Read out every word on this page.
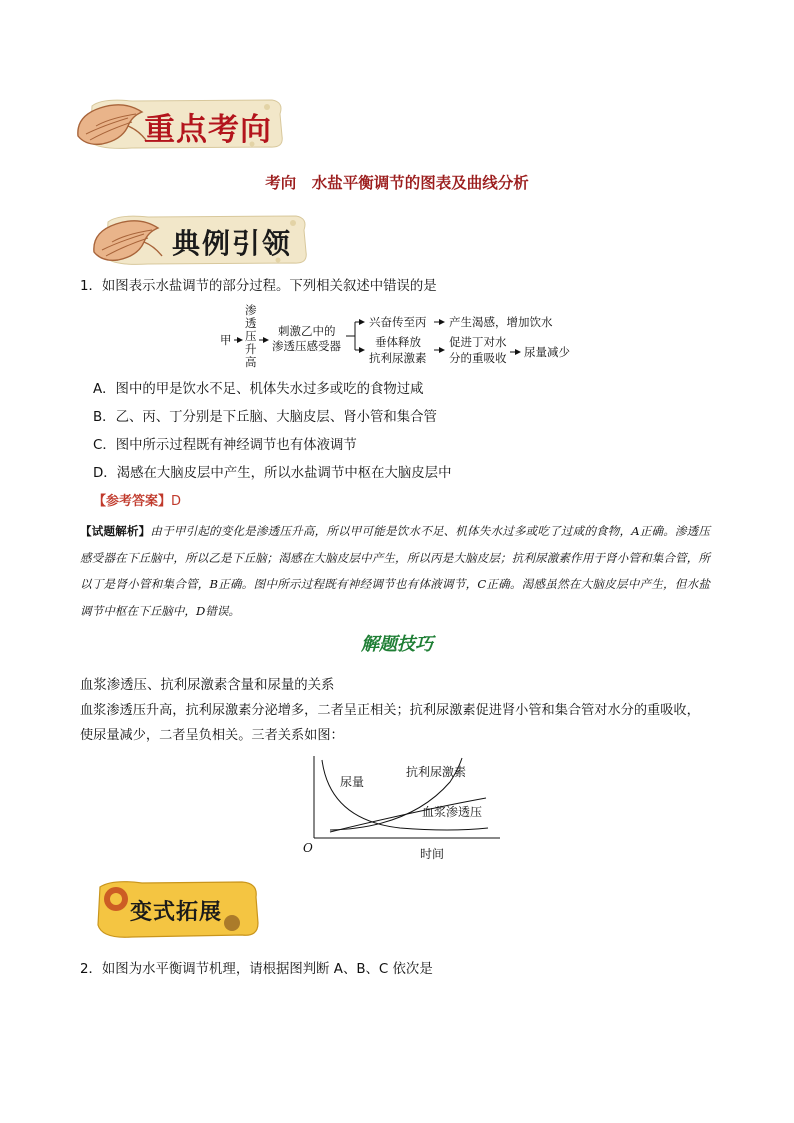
重点考向
考向　水盐平衡调节的图表及曲线分析
典例引领
1．如图表示水盐调节的部分过程。下列相关叙述中错误的是
甲
渗
透
压
升
高
刺激乙中的
渗透压感受器
兴奋传至丙 产生渴感，增加饮水
垂体释放
抗利尿激素
促进丁对水
分的重吸收 尿量减少
A．图中的甲是饮水不足、机体失水过多或吃的食物过咸
B．乙、丙、丁分别是下丘脑、大脑皮层、肾小管和集合管
C．图中所示过程既有神经调节也有体液调节
D．渴感在大脑皮层中产生，所以水盐调节中枢在大脑皮层中
【参考答案】D
【试题解析】由于甲引起的变化是渗透压升高，所以甲可能是饮水不足、机体失水过多或吃了过咸的食物，A正确。渗透压感受器在下丘脑中，所以乙是下丘脑；渴感在大脑皮层中产生，所以丙是大脑皮层；抗利尿激素作用于肾小管和集合管，所以丁是肾小管和集合管，B正确。图中所示过程既有神经调节也有体液调节，C正确。渴感虽然在大脑皮层中产生，但水盐调节中枢在下丘脑中，D错误。
解题技巧
血浆渗透压、抗利尿激素含量和尿量的关系
血浆渗透压升高，抗利尿激素分泌增多，二者呈正相关；抗利尿激素促进肾小管和集合管对水分的重吸收，
使尿量减少，二者呈负相关。三者关系如图：
尿量
抗利尿激素
血浆渗透压
O	时间
变式拓展
2．如图为水平衡调节机理，请根据图判断 A、B、C 依次是
